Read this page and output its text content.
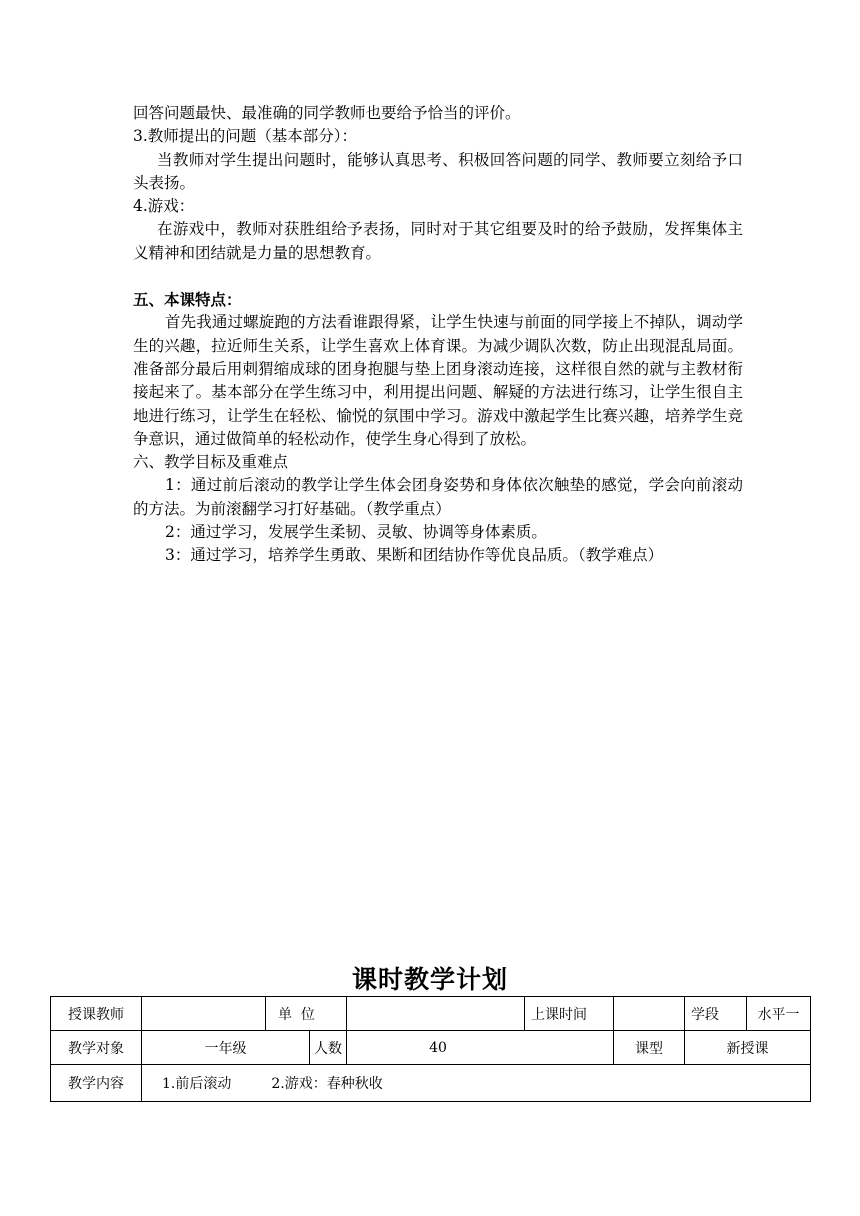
回答问题最快、最准确的同学教师也要给予恰当的评价。

3.教师提出的问题（基本部分）：

当教师对学生提出问题时，能够认真思考、积极回答问题的同学、教师要立刻给予口头表扬。

4.游戏：

在游戏中，教师对获胜组给予表扬，同时对于其它组要及时的给予鼓励，发挥集体主义精神和团结就是力量的思想教育。

五、本课特点：

首先我通过螺旋跑的方法看谁跟得紧，让学生快速与前面的同学接上不掉队，调动学生的兴趣，拉近师生关系，让学生喜欢上体育课。为减少调队次数，防止出现混乱局面。准备部分最后用刺猬缩成球的团身抱腿与垫上团身滚动连接，这样很自然的就与主教材衔接起来了。基本部分在学生练习中，利用提出问题、解疑的方法进行练习，让学生很自主地进行练习，让学生在轻松、愉悦的氛围中学习。游戏中激起学生比赛兴趣，培养学生竞争意识，通过做简单的轻松动作，使学生身心得到了放松。

六、教学目标及重难点

1：通过前后滚动的教学让学生体会团身姿势和身体依次触垫的感觉，学会向前滚动的方法。为前滚翻学习打好基础。（教学重点）

2：通过学习，发展学生柔韧、灵敏、协调等身体素质。

3：通过学习，培养学生勇敢、果断和团结协作等优良品质。（教学难点）

课时教学计划
授课教师		单  位			上课时间		学段	水平一
教学对象	一年级		人数	40		课型	新授课	
教学内容	1.前后滚动 2.游戏：春种秋收							
